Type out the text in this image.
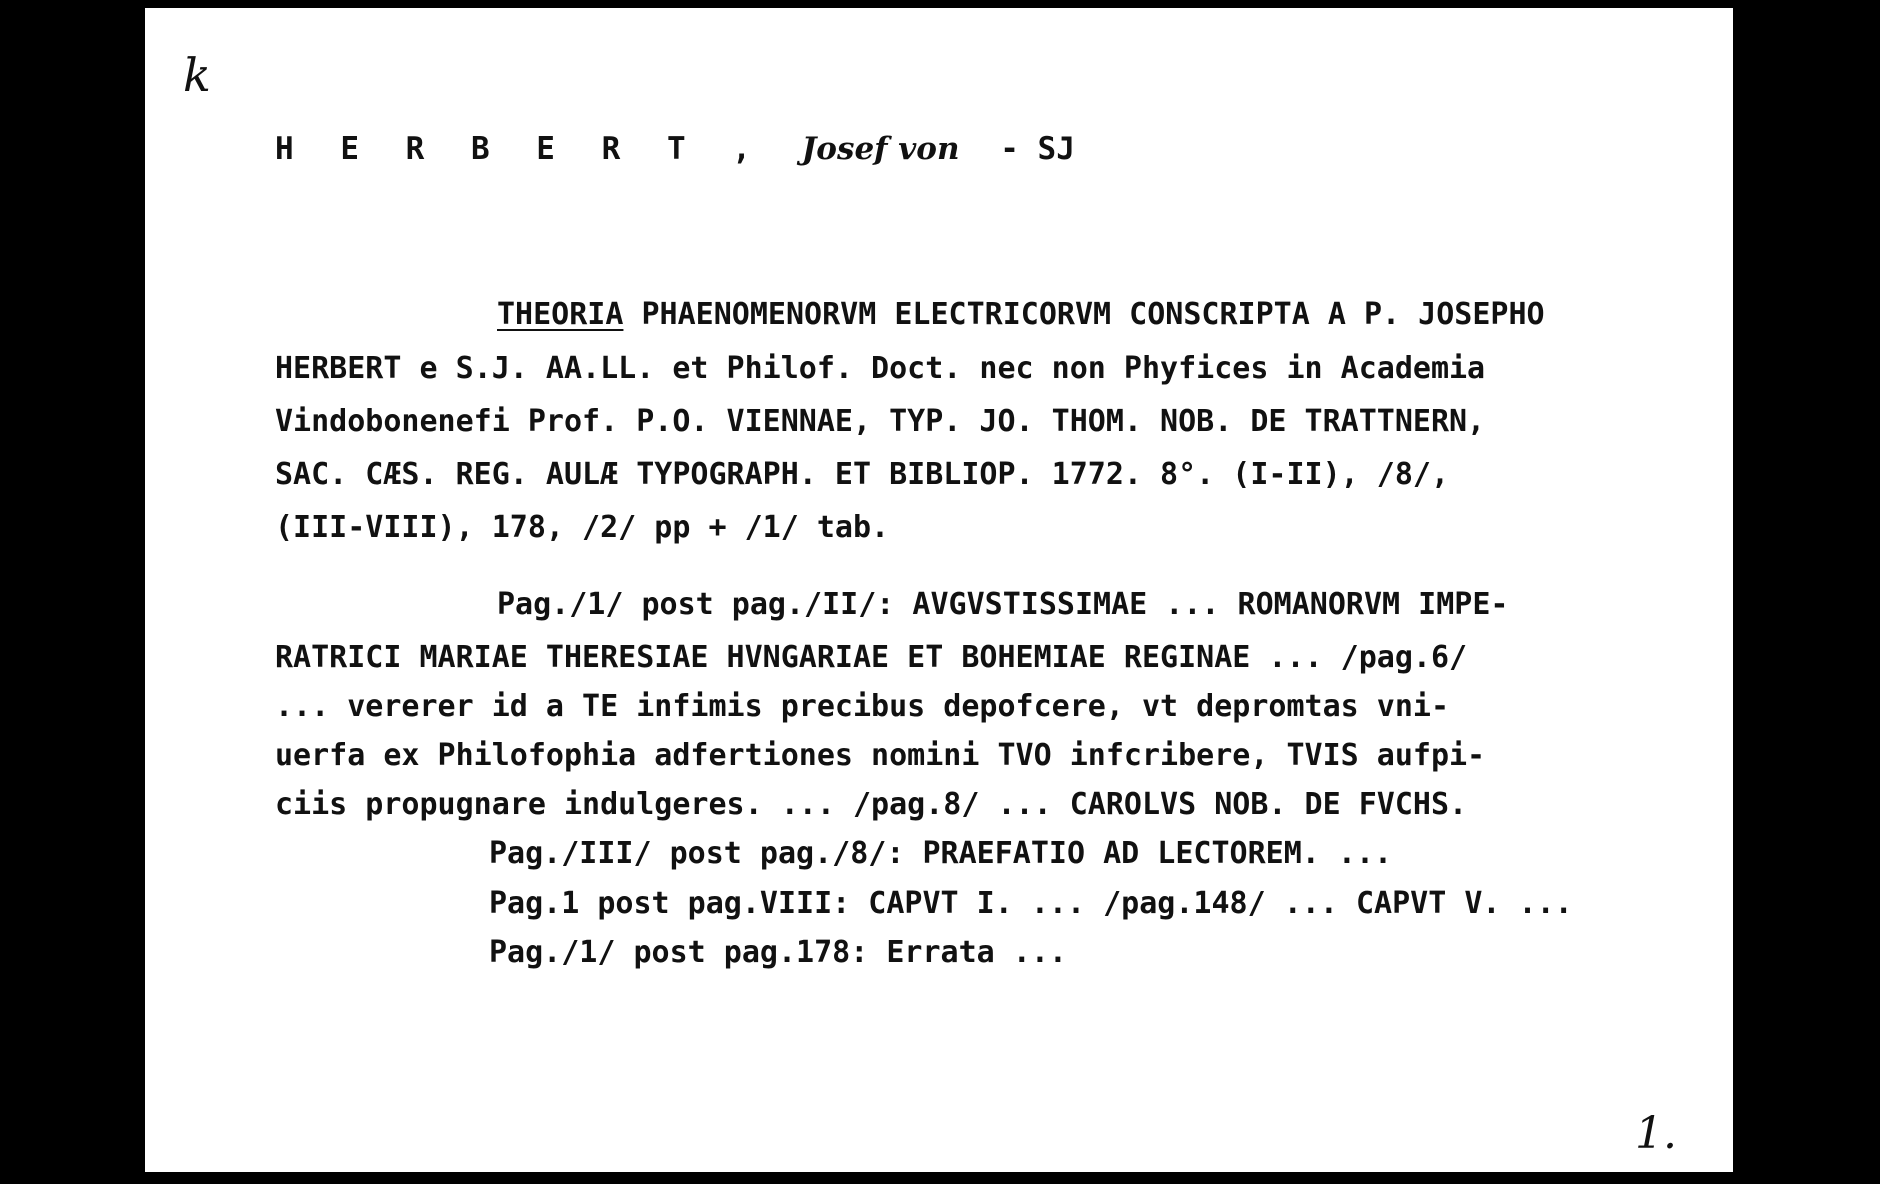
k
H E R B E R T , Josef von - SJ
THEORIA PHAENOMENORVM ELECTRICORVM CONSCRIPTA A P. JOSEPHO
HERBERT e S.J. AA.LL. et Philof. Doct. nec non Phyfices in Academia
Vindobonenefi Prof. P.O. VIENNAE, TYP. JO. THOM. NOB. DE TRATTNERN,
SAC. CÆS. REG. AULÆ TYPOGRAPH. ET BIBLIOP. 1772. 8°. (I-II), /8/,
(III-VIII), 178, /2/ pp + /1/ tab.
Pag./1/ post pag./II/: AVGVSTISSIMAE ... ROMANORVM IMPE-
RATRICI MARIAE THERESIAE HVNGARIAE ET BOHEMIAE REGINAE ... /pag.6/
... vererer id a TE infimis precibus depofcere, vt depromtas vni-
uerfa ex Philofophia adfertiones nomini TVO infcribere, TVIS aufpi-
ciis propugnare indulgeres. ... /pag.8/ ... CAROLVS NOB. DE FVCHS.
Pag./III/ post pag./8/: PRAEFATIO AD LECTOREM. ...
Pag.1 post pag.VIII: CAPVT I. ... /pag.148/ ... CAPVT V. ...
Pag./1/ post pag.178: Errata ...
1.
